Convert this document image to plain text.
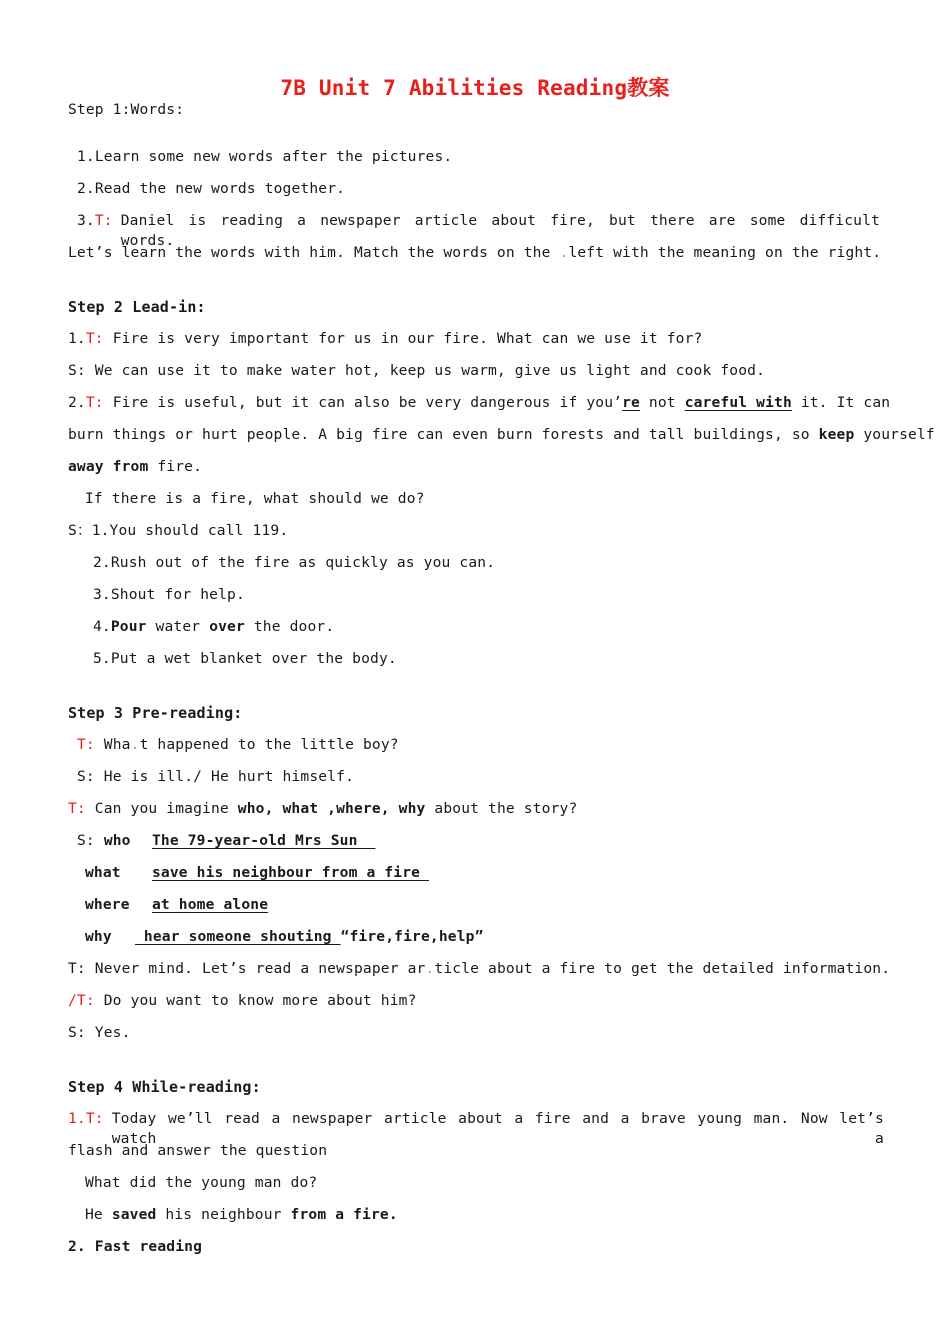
7B Unit 7 Abilities Reading教案
Step 1:Words:
1.Learn some new words after the pictures.
2.Read the new words together.
3.T: Daniel is reading a newspaper article about fire, but there are some difficult words.
Let’s learn the words with him. Match the words on the .left with the meaning on the right.
Step 2 Lead-in:
1.T: Fire is very important for us in our fire. What can we use it for?
S: We can use it to make water hot, keep us warm, give us light and cook food.
2.T: Fire is useful, but it can also be very dangerous if you’re not careful with it. It can
burn things or hurt people. A big fire can even burn forests and tall buildings, so keep yourself
away from fire.
If there is a fire, what should we do?
S：1.You should call 119.
2.Rush out of the fire as quickly as you can.
3.Shout for help.
4.Pour water over the door.
5.Put a wet blanket over the body.
Step 3 Pre-reading:
T: Wha.t happened to the little boy?
S: He is ill./ He hurt himself.
T: Can you imagine who, what ,where, why about the story?
S: who	The 79-year-old Mrs Sun
what save his neighbour from a fire
where at home alone
why hear someone shouting “fire,fire,help”
T: Never mind. Let’s read a newspaper ar.ticle about a fire to get the detailed information.
/T: Do you want to know more about him?
S: Yes.
Step 4 While-reading:
1.T: Today we’ll read a newspaper article about a fire and a brave young man. Now let’s watch a
flash and answer the question
What did the young man do?
He saved his neighbour from a fire.
2. Fast reading
